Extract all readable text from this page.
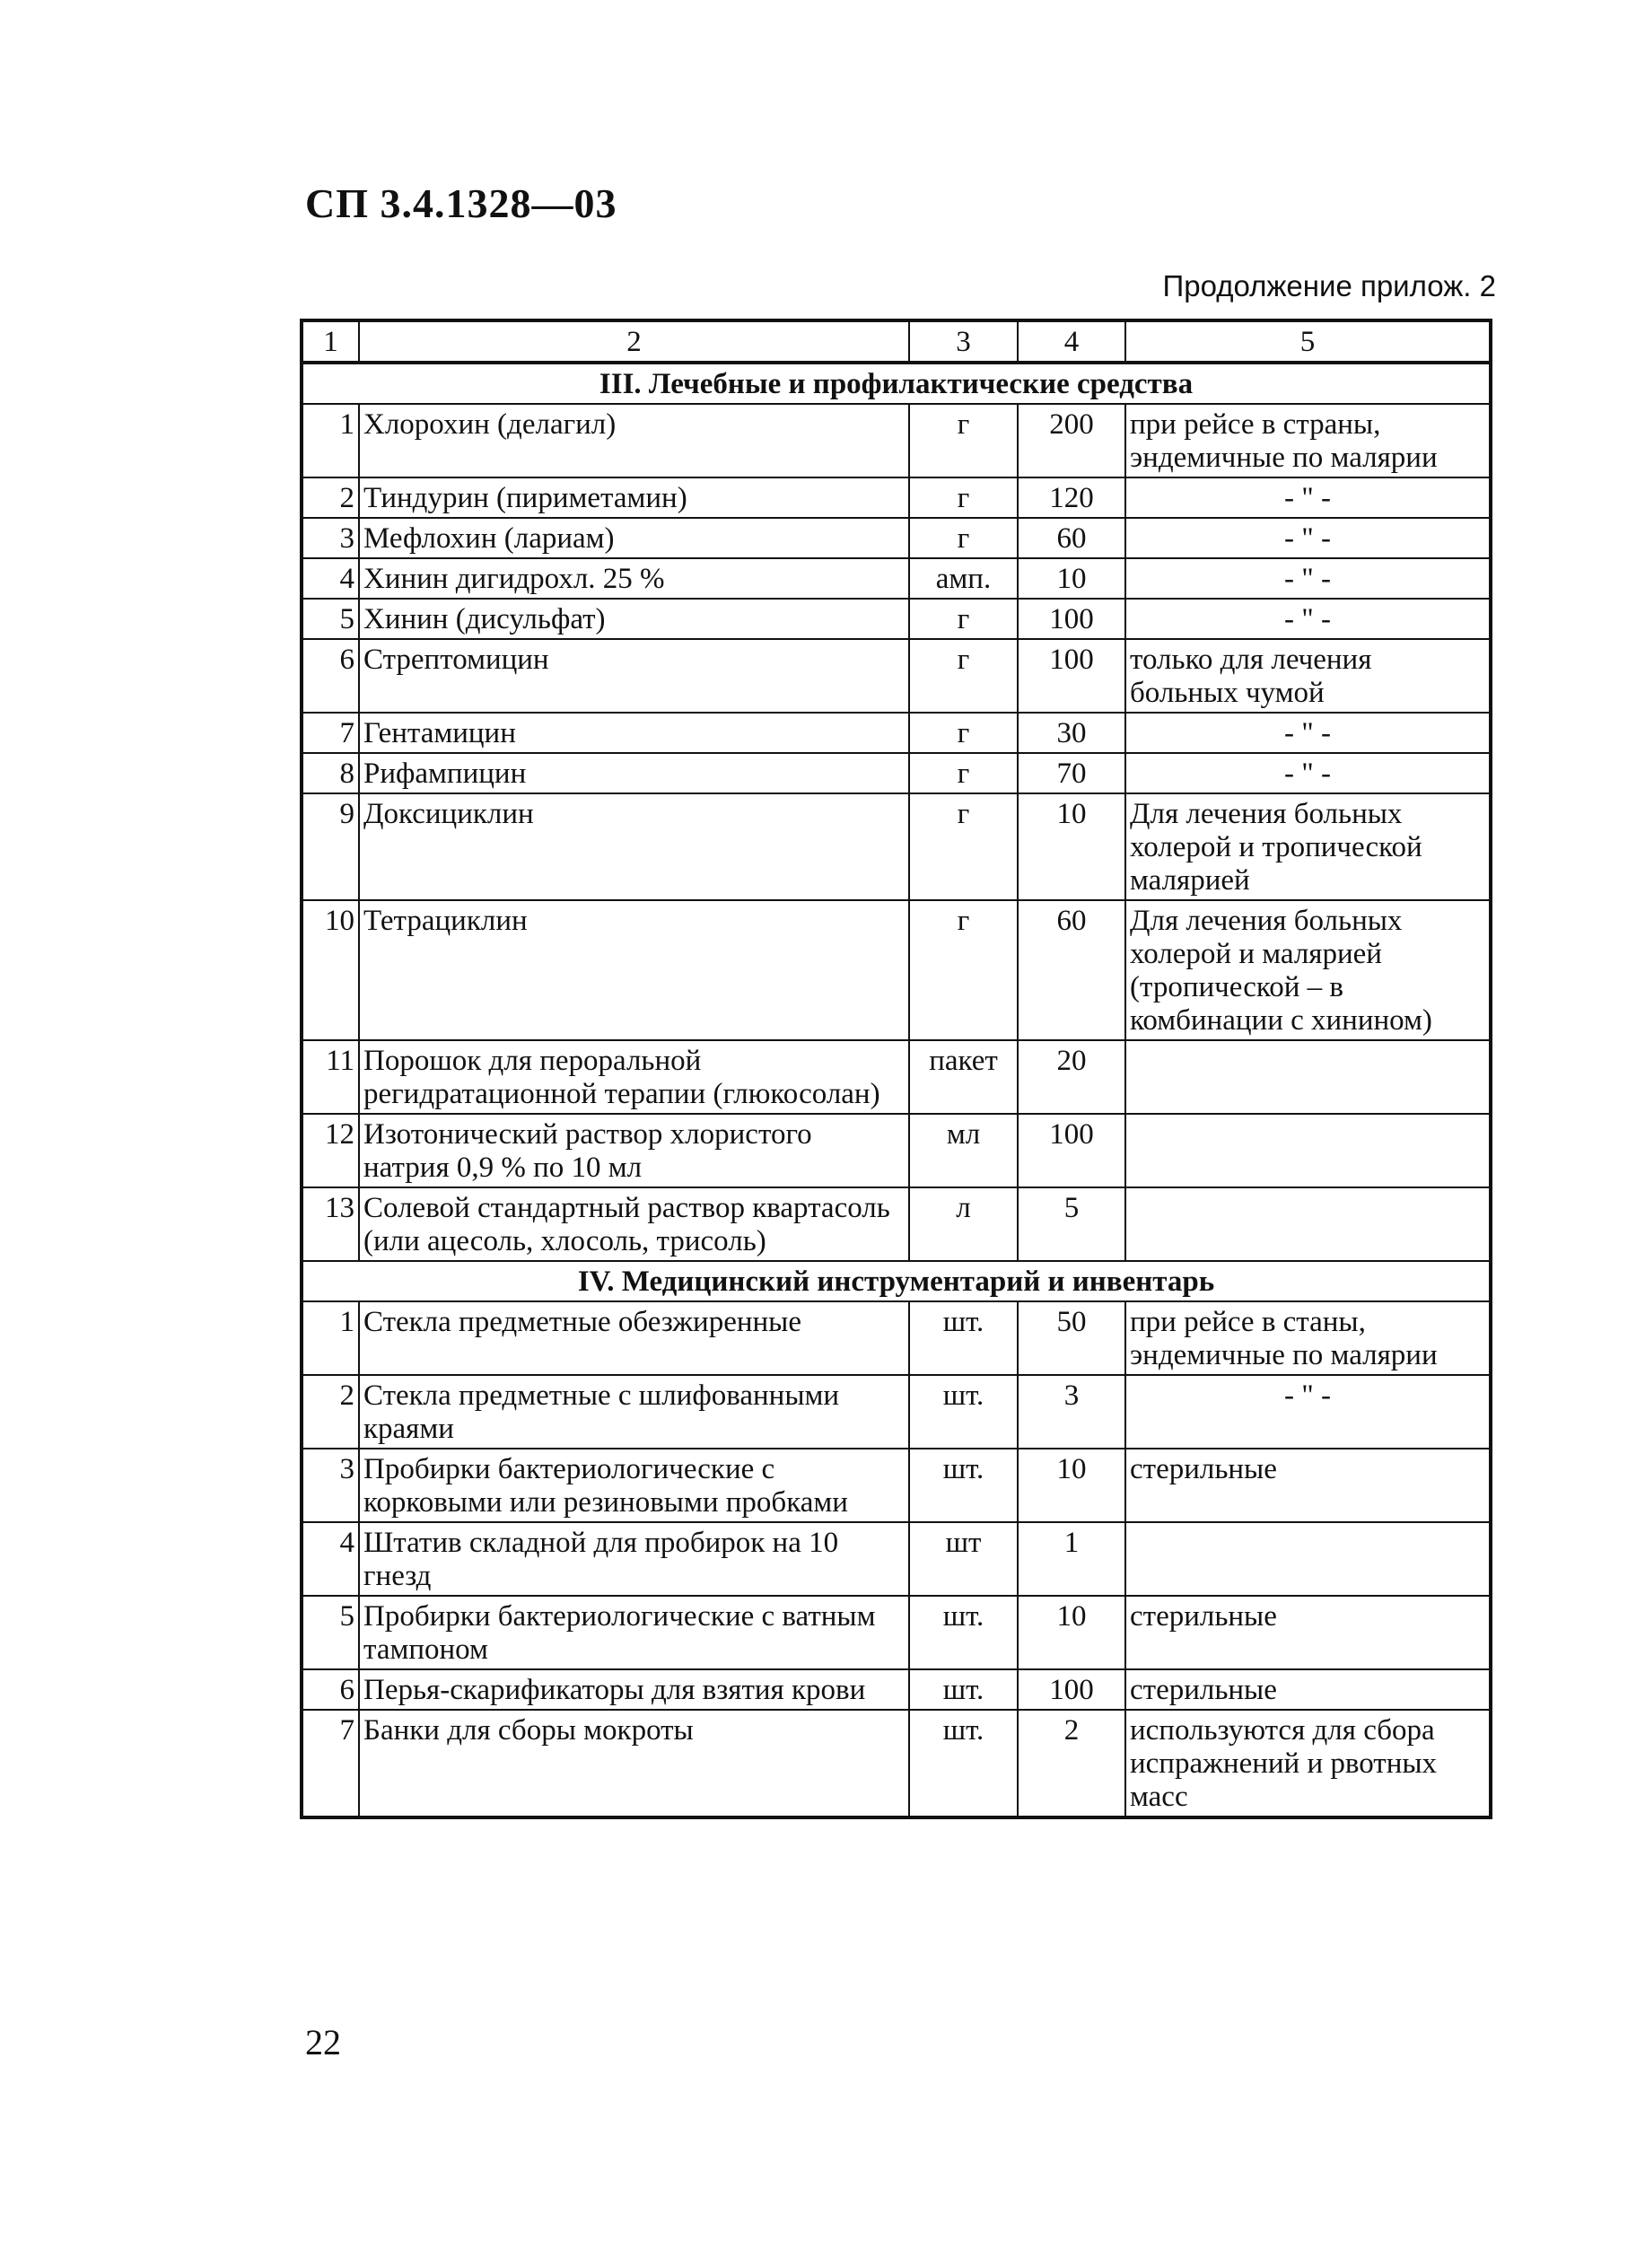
СП 3.4.1328—03
Продолжение прилож. 2
1	2	3	4	5
III. Лечебные и профилактические средства				
1	Хлорохин (делагил)	г	200	при рейсе в страны, эндемичные по малярии
2	Тиндурин (пириметамин)	г	120	- " -
3	Мефлохин (лариам)	г	60	- " -
4	Хинин дигидрохл. 25 %	амп.	10	- " -
5	Хинин (дисульфат)	г	100	- " -
6	Стрептомицин	г	100	только для лечения больных чумой
7	Гентамицин	г	30	- " -
8	Рифампицин	г	70	- " -
9	Доксициклин	г	10	Для лечения больных холерой и тропической малярией
10	Тетрациклин	г	60	Для лечения больных холерой и малярией (тропической – в комбинации с хинином)
11	Порошок для пероральной регидратационной терапии (глюкосолан)	пакет	20	
12	Изотонический раствор хлористого натрия 0,9 % по 10 мл	мл	100	
13	Солевой стандартный раствор квартасоль (или ацесоль, хлосоль, трисоль)	л	5	
IV. Медицинский инструментарий и инвентарь				
1	Стекла предметные обезжиренные	шт.	50	при рейсе в станы, эндемичные по малярии
2	Стекла предметные с шлифованными краями	шт.	3	- " -
3	Пробирки бактериологические с корковыми или резиновыми пробками	шт.	10	стерильные
4	Штатив складной для пробирок на 10 гнезд	шт	1	
5	Пробирки бактериологические с ватным тампоном	шт.	10	стерильные
6	Перья-скарификаторы для взятия крови	шт.	100	стерильные
7	Банки для сборы мокроты	шт.	2	используются для сбора испражнений и рвотных масс
22
